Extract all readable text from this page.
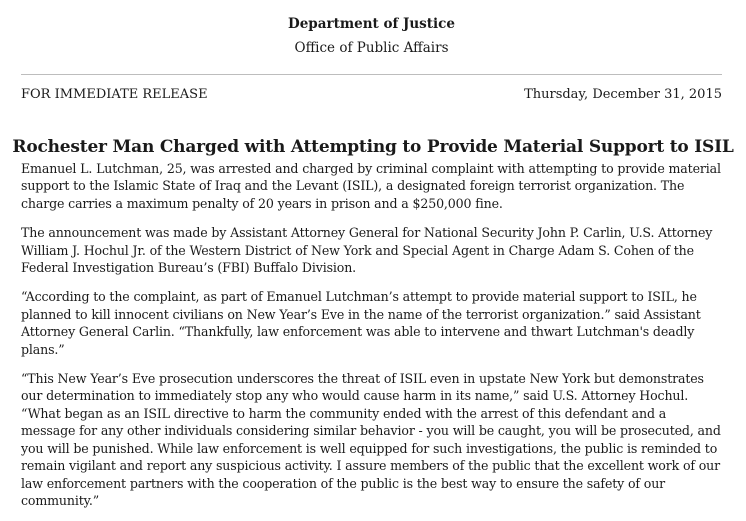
Department of Justice
Office of Public Affairs
FOR IMMEDIATE RELEASE	Thursday, December 31, 2015
Rochester Man Charged with Attempting to Provide Material Support to ISIL

Emanuel L. Lutchman, 25, was arrested and charged by criminal complaint with attempting to provide material support to the Islamic State of Iraq and the Levant (ISIL), a designated foreign terrorist organization. The charge carries a maximum penalty of 20 years in prison and a $250,000 fine.

The announcement was made by Assistant Attorney General for National Security John P. Carlin, U.S. Attorney William J. Hochul Jr. of the Western District of New York and Special Agent in Charge Adam S. Cohen of the Federal Investigation Bureau’s (FBI) Buffalo Division.

“According to the complaint, as part of Emanuel Lutchman’s attempt to provide material support to ISIL, he planned to kill innocent civilians on New Year’s Eve in the name of the terrorist organization.” said Assistant Attorney General Carlin. “Thankfully, law enforcement was able to intervene and thwart Lutchman's deadly plans.”

“This New Year’s Eve prosecution underscores the threat of ISIL even in upstate New York but demonstrates our determination to immediately stop any who would cause harm in its name,” said U.S. Attorney Hochul. “What began as an ISIL directive to harm the community ended with the arrest of this defendant and a message for any other individuals considering similar behavior - you will be caught, you will be prosecuted, and you will be punished. While law enforcement is well equipped for such investigations, the public is reminded to remain vigilant and report any suspicious activity. I assure members of the public that the excellent work of our law enforcement partners with the cooperation of the public is the best way to ensure the safety of our community.”
